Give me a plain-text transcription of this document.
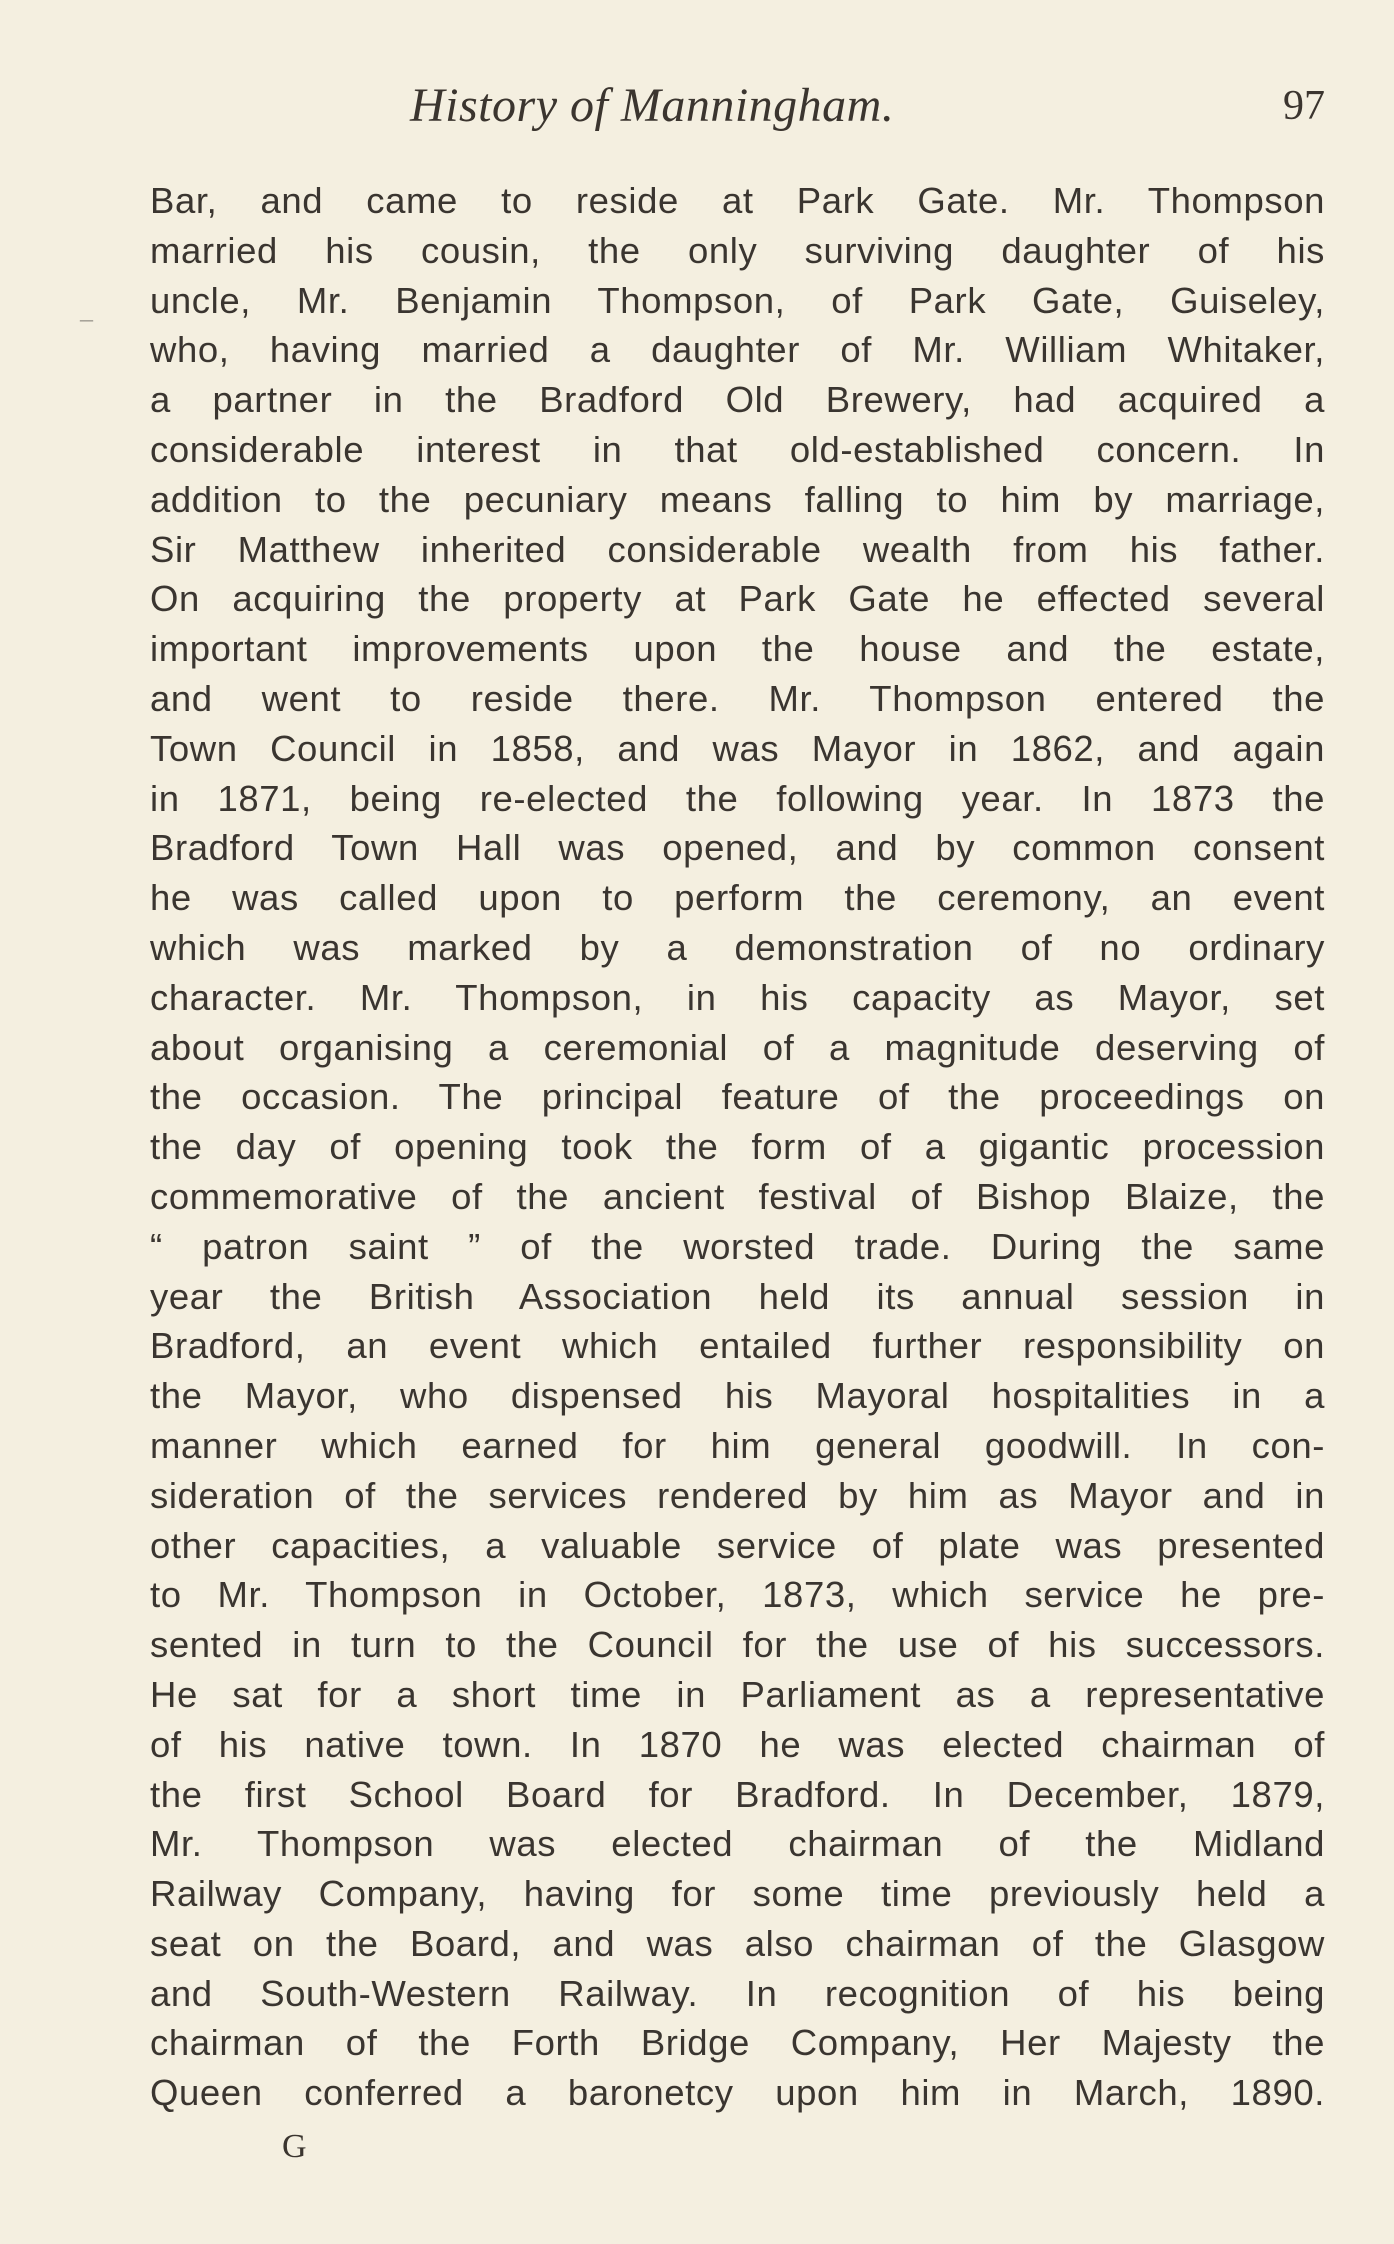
History of Manningham.	97
–
Bar, and came to reside at Park Gate. Mr. Thompson
married his cousin, the only surviving daughter of his
uncle, Mr. Benjamin Thompson, of Park Gate, Guiseley,
who, having married a daughter of Mr. William Whitaker,
a partner in the Bradford Old Brewery, had acquired a
considerable interest in that old-established concern. In
addition to the pecuniary means falling to him by marriage,
Sir Matthew inherited considerable wealth from his father.
On acquiring the property at Park Gate he effected several
important improvements upon the house and the estate,
and went to reside there. Mr. Thompson entered the
Town Council in 1858, and was Mayor in 1862, and again
in 1871, being re-elected the following year. In 1873 the
Bradford Town Hall was opened, and by common consent
he was called upon to perform the ceremony, an event
which was marked by a demonstration of no ordinary
character. Mr. Thompson, in his capacity as Mayor, set
about organising a ceremonial of a magnitude deserving of
the occasion. The principal feature of the proceedings on
the day of opening took the form of a gigantic procession
commemorative of the ancient festival of Bishop Blaize, the
“ patron saint ” of the worsted trade. During the same
year the British Association held its annual session in
Bradford, an event which entailed further responsibility on
the Mayor, who dispensed his Mayoral hospitalities in a
manner which earned for him general goodwill. In con-
sideration of the services rendered by him as Mayor and in
other capacities, a valuable service of plate was presented
to Mr. Thompson in October, 1873, which service he pre-
sented in turn to the Council for the use of his successors.
He sat for a short time in Parliament as a representative
of his native town. In 1870 he was elected chairman of
the first School Board for Bradford. In December, 1879,
Mr. Thompson was elected chairman of the Midland
Railway Company, having for some time previously held a
seat on the Board, and was also chairman of the Glasgow
and South-Western Railway. In recognition of his being
chairman of the Forth Bridge Company, Her Majesty the
Queen conferred a baronetcy upon him in March, 1890.
G
